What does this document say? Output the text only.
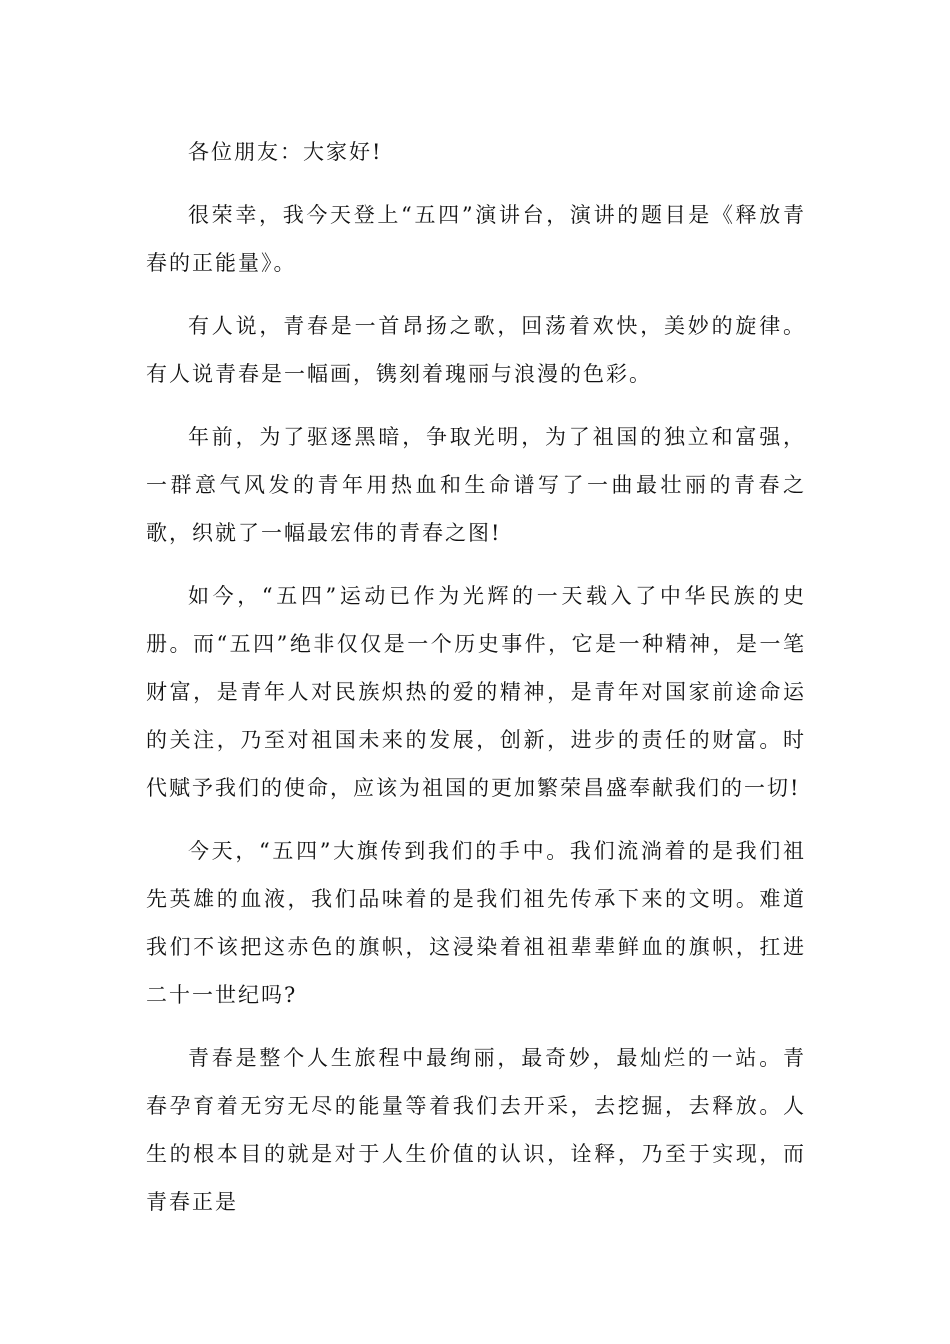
各位朋友：大家好!

很荣幸，我今天登上“五四”演讲台，演讲的题目是《释放青春的正能量》。

有人说，青春是一首昂扬之歌，回荡着欢快，美妙的旋律。有人说青春是一幅画，镌刻着瑰丽与浪漫的色彩。

年前，为了驱逐黑暗，争取光明，为了祖国的独立和富强，一群意气风发的青年用热血和生命谱写了一曲最壮丽的青春之歌，织就了一幅最宏伟的青春之图!

如今，“五四”运动已作为光辉的一天载入了中华民族的史册。而“五四”绝非仅仅是一个历史事件，它是一种精神，是一笔财富，是青年人对民族炽热的爱的精神，是青年对国家前途命运的关注，乃至对祖国未来的发展，创新，进步的责任的财富。时代赋予我们的使命，应该为祖国的更加繁荣昌盛奉献我们的一切!

今天，“五四”大旗传到我们的手中。我们流淌着的是我们祖先英雄的血液，我们品味着的是我们祖先传承下来的文明。难道我们不该把这赤色的旗帜，这浸染着祖祖辈辈鲜血的旗帜，扛进二十一世纪吗?

青春是整个人生旅程中最绚丽，最奇妙，最灿烂的一站。青春孕育着无穷无尽的能量等着我们去开采，去挖掘，去释放。人生的根本目的就是对于人生价值的认识，诠释，乃至于实现，而青春正是
